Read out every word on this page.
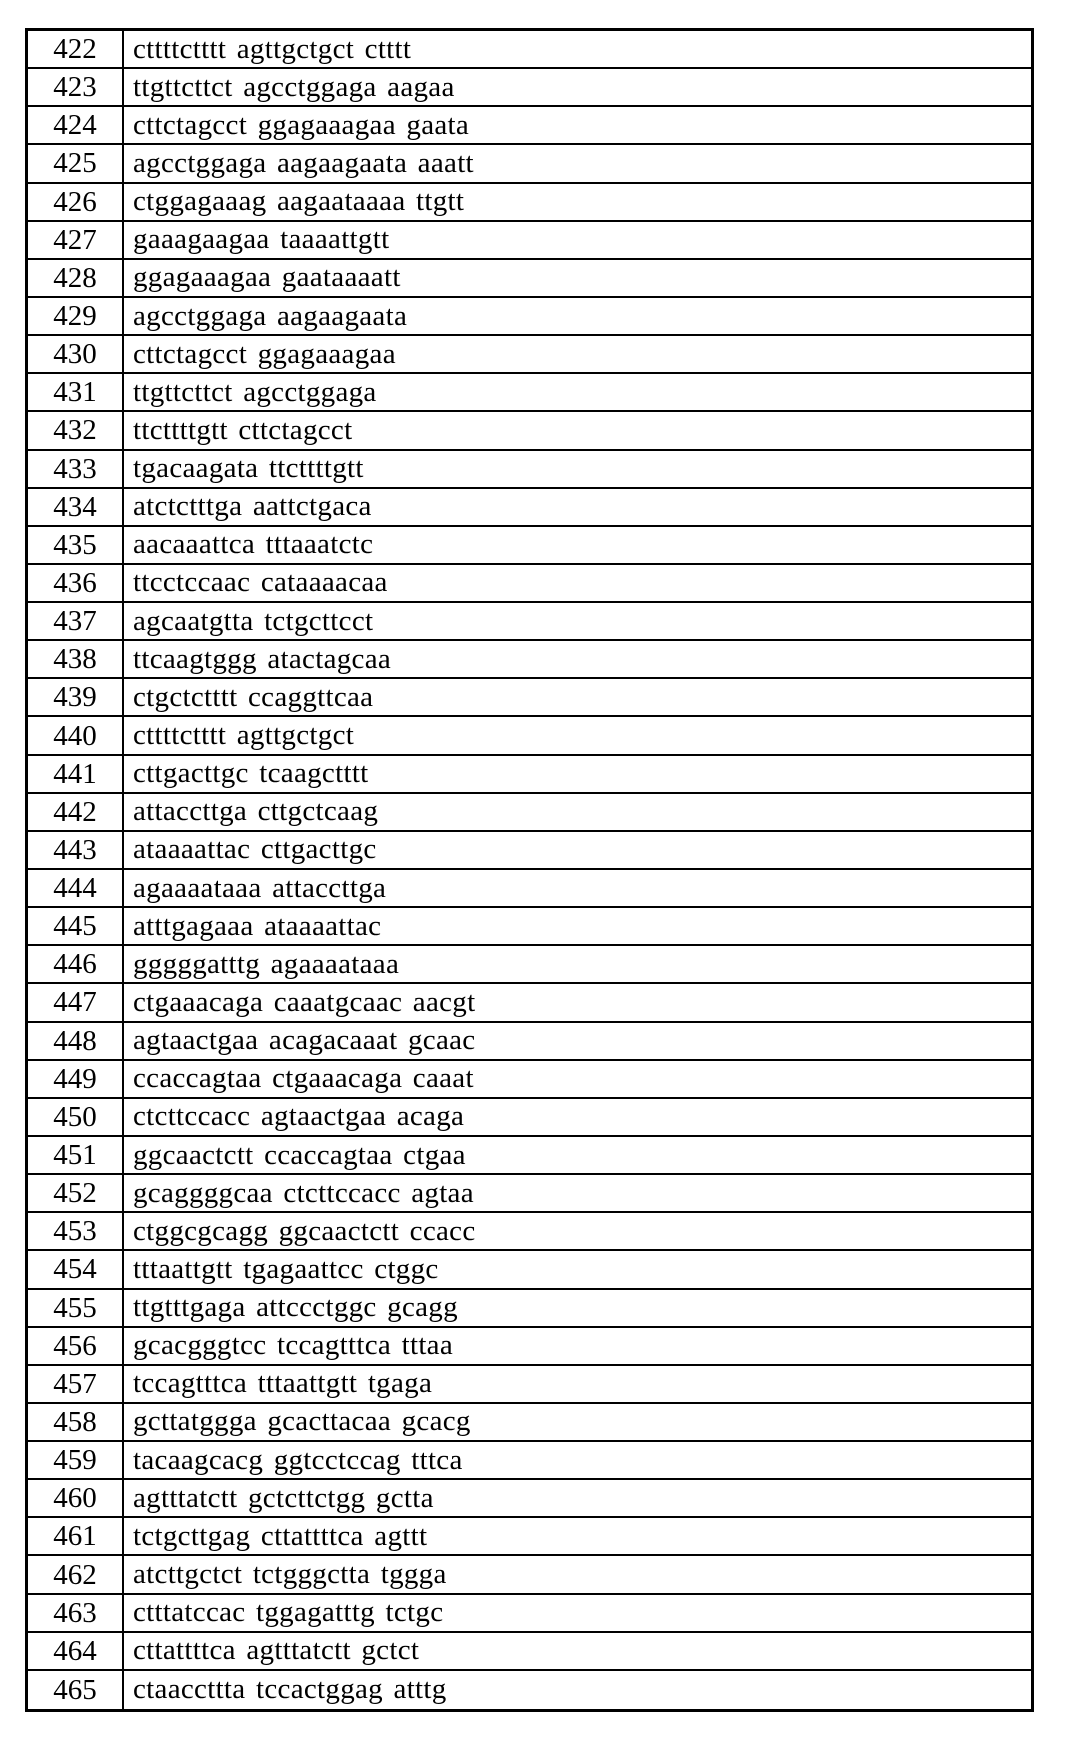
422	cttttctttt agttgctgct ctttt
423	ttgttcttct agcctggaga aagaa
424	cttctagcct ggagaaagaa gaata
425	agcctggaga aagaagaata aaatt
426	ctggagaaag aagaataaaa ttgtt
427	gaaagaagaa taaaattgtt
428	ggagaaagaa gaataaaatt
429	agcctggaga aagaagaata
430	cttctagcct ggagaaagaa
431	ttgttcttct agcctggaga
432	ttcttttgtt cttctagcct
433	tgacaagata ttcttttgtt
434	atctctttga aattctgaca
435	aacaaattca tttaaatctc
436	ttcctccaac cataaaacaa
437	agcaatgtta tctgcttcct
438	ttcaagtggg atactagcaa
439	ctgctctttt ccaggttcaa
440	cttttctttt agttgctgct
441	cttgacttgc tcaagctttt
442	attaccttga cttgctcaag
443	ataaaattac cttgacttgc
444	agaaaataaa attaccttga
445	atttgagaaa ataaaattac
446	gggggatttg agaaaataaa
447	ctgaaacaga caaatgcaac aacgt
448	agtaactgaa acagacaaat gcaac
449	ccaccagtaa ctgaaacaga caaat
450	ctcttccacc agtaactgaa acaga
451	ggcaactctt ccaccagtaa ctgaa
452	gcaggggcaa ctcttccacc agtaa
453	ctggcgcagg ggcaactctt ccacc
454	tttaattgtt tgagaattcc ctggc
455	ttgtttgaga attccctggc gcagg
456	gcacgggtcc tccagtttca tttaa
457	tccagtttca tttaattgtt tgaga
458	gcttatggga gcacttacaa gcacg
459	tacaagcacg ggtcctccag tttca
460	agtttatctt gctcttctgg gctta
461	tctgcttgag cttattttca agttt
462	atcttgctct tctgggctta tggga
463	ctttatccac tggagatttg tctgc
464	cttattttca agtttatctt gctct
465	ctaaccttta tccactggag atttg
